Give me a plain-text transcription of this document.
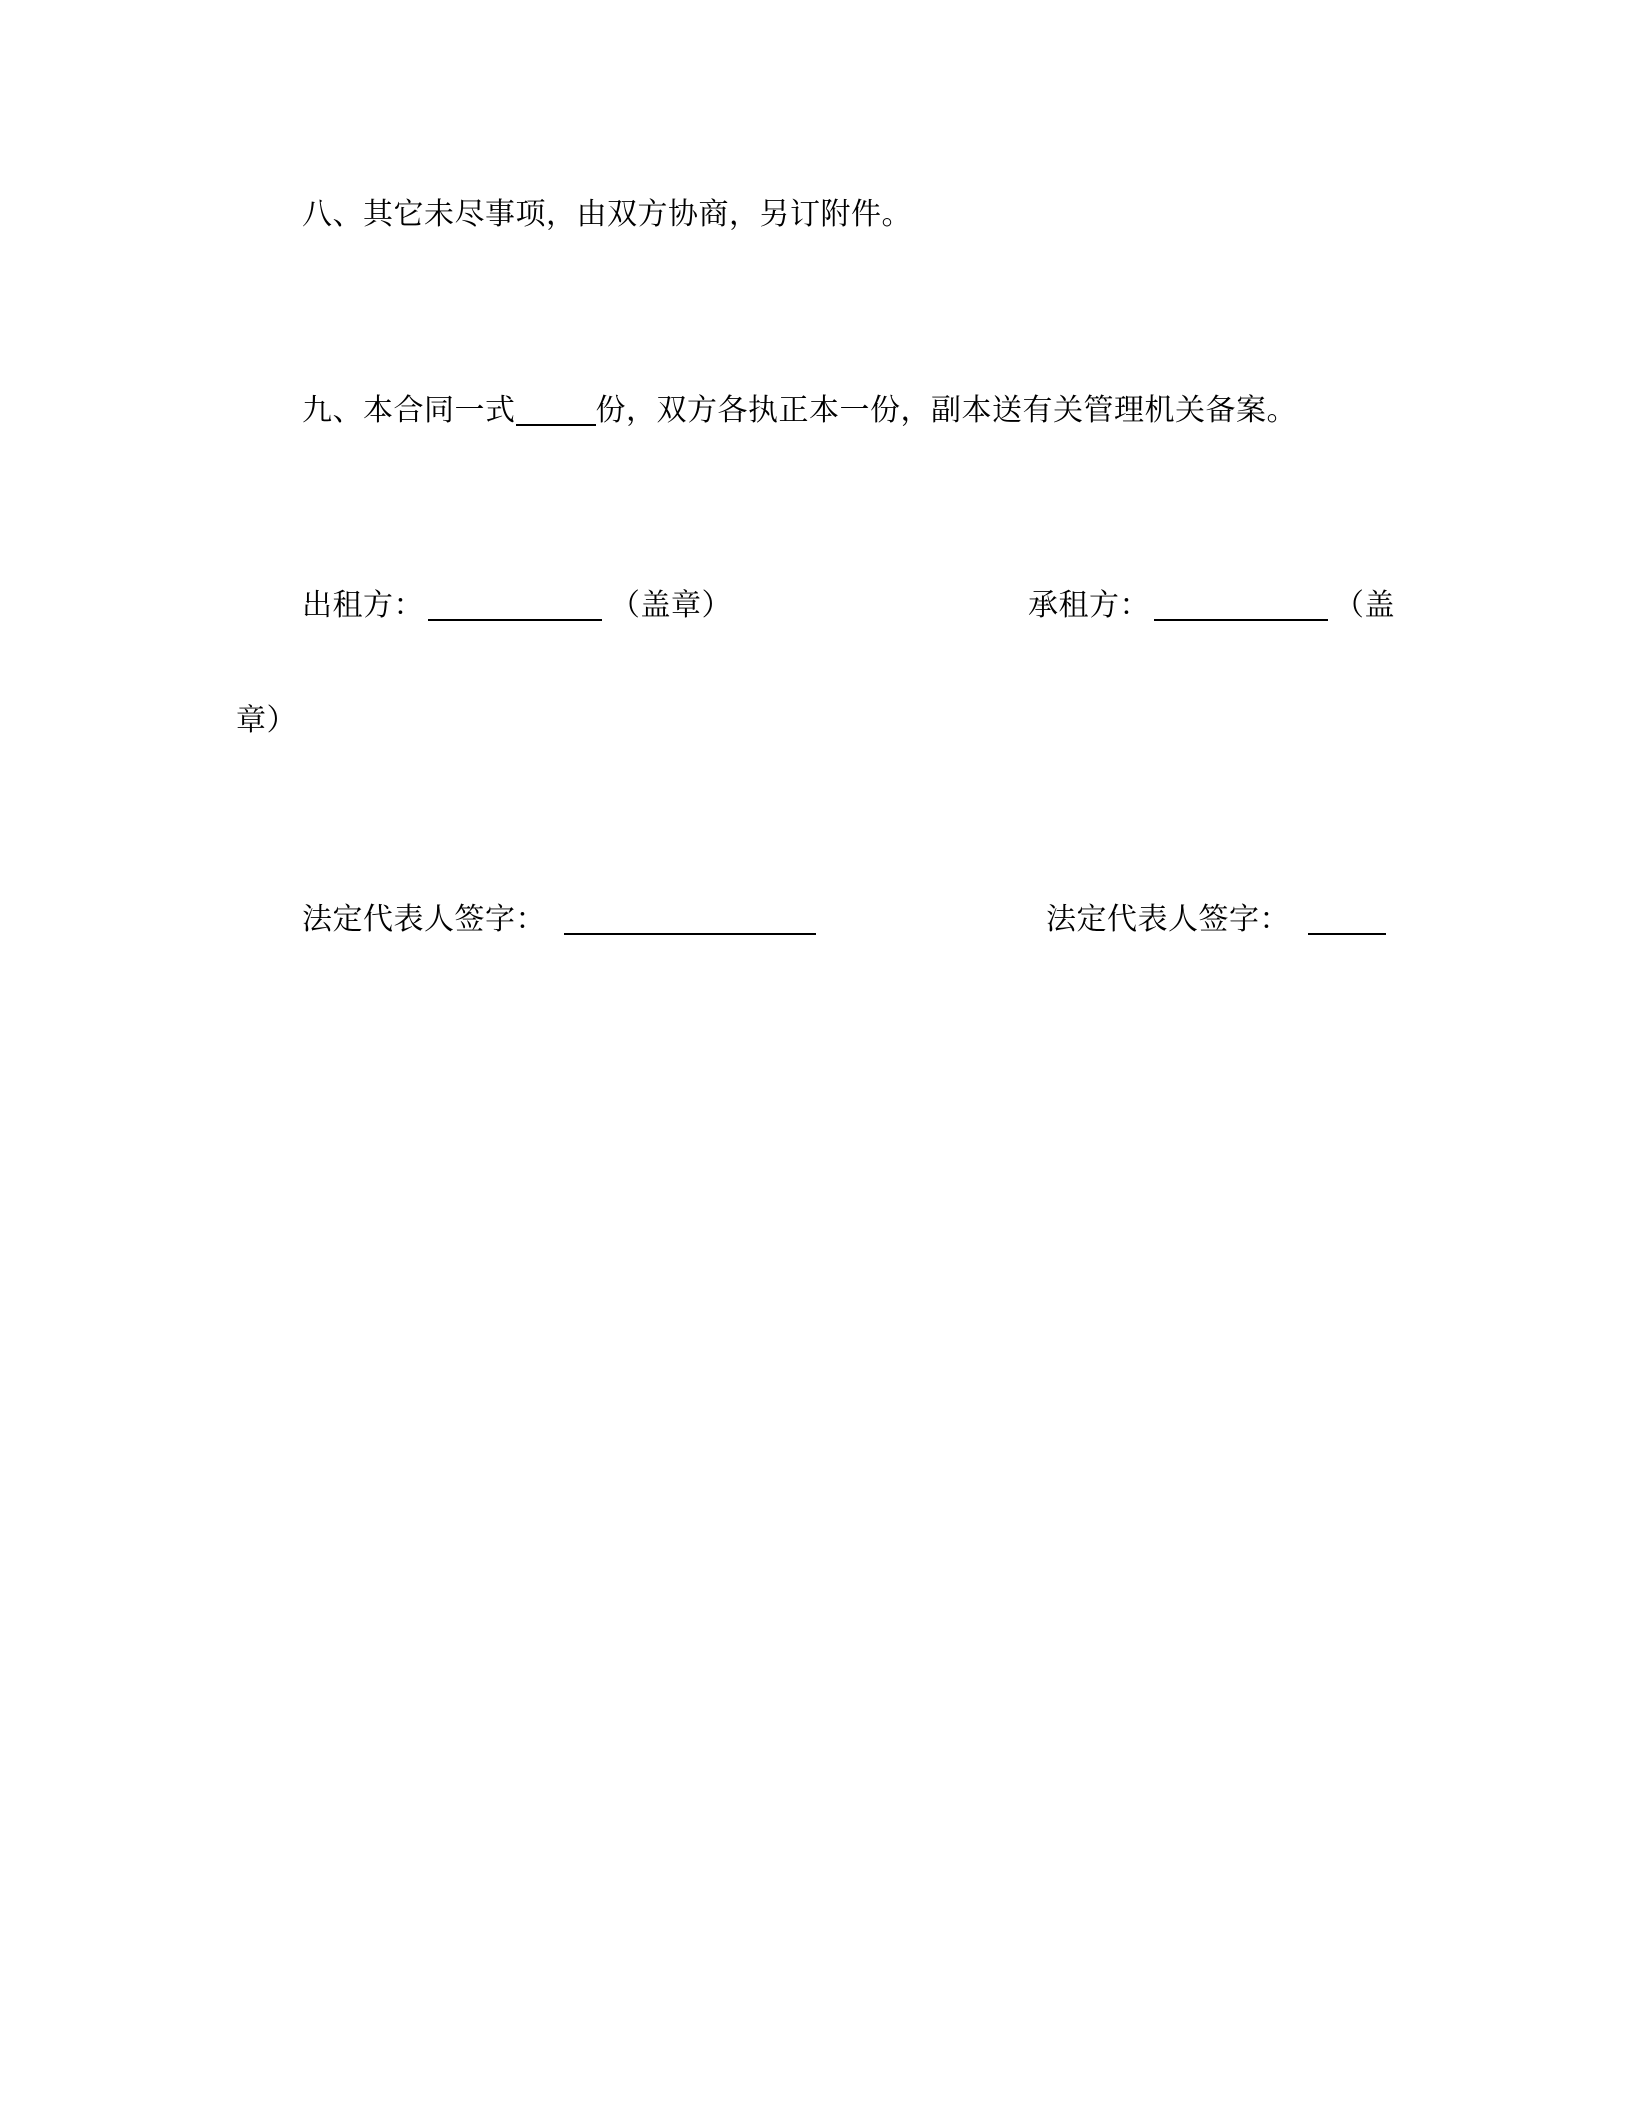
八、其它未尽事项，由双方协商，另订附件。
九、本合同一式	份，双方各执正本一份，副本送有关管理机关备案。
出租方：	（盖章）	承租方：	（盖
章）
法定代表人签字：	法定代表人签字：
